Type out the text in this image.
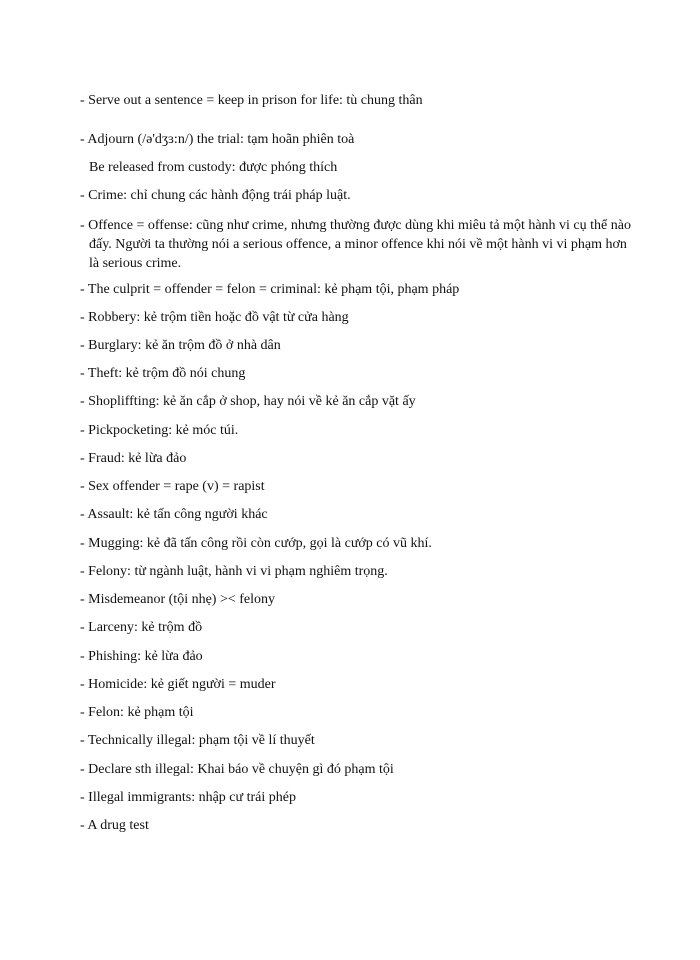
- Serve out a sentence = keep in prison for life: tù chung thân
- Adjourn (/ə'dʒɜ:n/) the trial: tạm hoãn phiên toà
Be released from custody: được phóng thích
- Crime: chỉ chung các hành động trái pháp luật.
- Offence = offense: cũng như crime, nhưng thường được dùng khi miêu tả một hành vi cụ thể nào
đấy. Người ta thường nói a serious offence, a minor offence khi nói về một hành vi vi phạm hơn
là serious crime.
- The culprit = offender = felon = criminal: kẻ phạm tội, phạm pháp
- Robbery: kẻ trộm tiền hoặc đồ vật từ cửa hàng
- Burglary: kẻ ăn trộm đồ ở nhà dân
- Theft: kẻ trộm đồ nói chung
- Shopliffting: kẻ ăn cắp ở shop, hay nói về kẻ ăn cắp vặt ấy
- Pickpocketing: kẻ móc túi.
- Fraud: kẻ lừa đảo
- Sex offender = rape (v) = rapist
- Assault: kẻ tấn công người khác
- Mugging: kẻ đã tấn công rồi còn cướp, gọi là cướp có vũ khí.
- Felony: từ ngành luật, hành vi vi phạm nghiêm trọng.
- Misdemeanor (tội nhẹ) >< felony
- Larceny: kẻ trộm đồ
- Phishing: kẻ lừa đảo
- Homicide: kẻ giết người = muder
- Felon: kẻ phạm tội
- Technically illegal: phạm tội về lí thuyết
- Declare sth illegal: Khai báo về chuyện gì đó phạm tội
- Illegal immigrants: nhập cư trái phép
- A drug test
